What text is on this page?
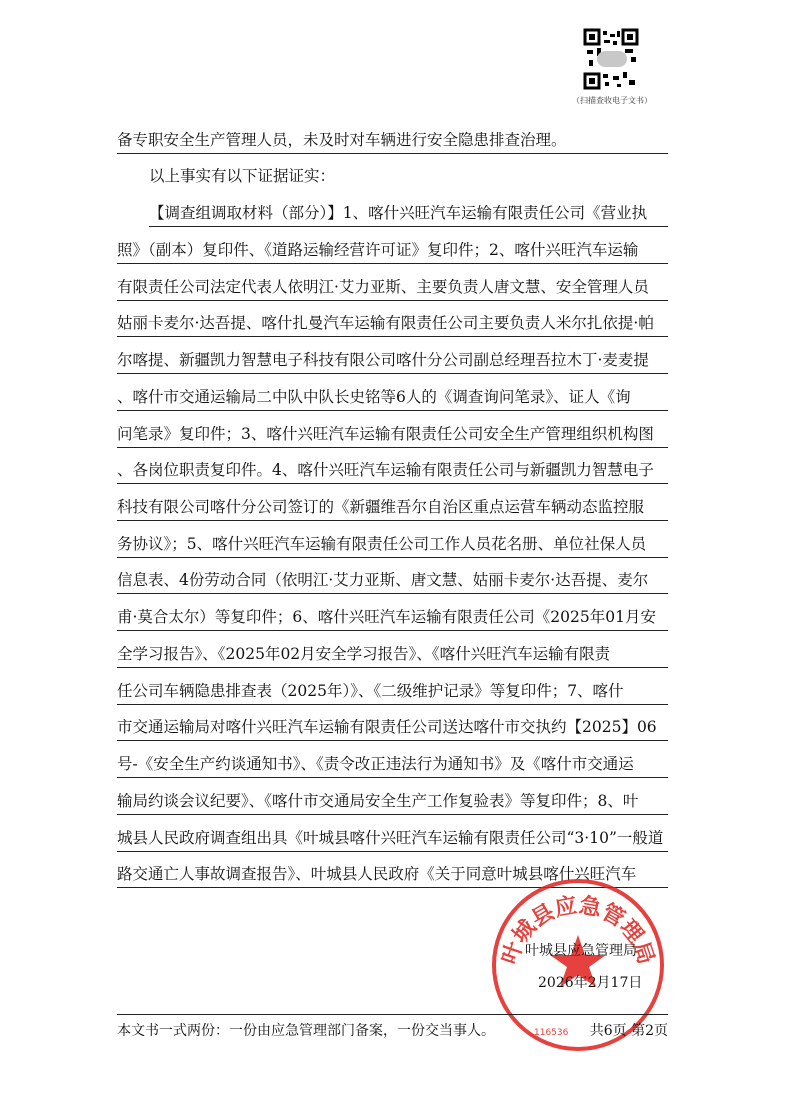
（扫描查收电子文书）
备专职安全生产管理人员，未及时对车辆进行安全隐患排查治理。
以上事实有以下证据证实：
【调查组调取材料（部分）】1、喀什兴旺汽车运输有限责任公司《营业执
照》（副本）复印件、《道路运输经营许可证》复印件；2、喀什兴旺汽车运输
有限责任公司法定代表人依明江·艾力亚斯、主要负责人唐文慧、安全管理人员
姑丽卡麦尔·达吾提、喀什扎曼汽车运输有限责任公司主要负责人米尔扎依提·帕
尔喀提、新疆凯力智慧电子科技有限公司喀什分公司副总经理吾拉木丁·麦麦提
、喀什市交通运输局二中队中队长史铭等6人的《调查询问笔录》、证人《询
问笔录》复印件；3、喀什兴旺汽车运输有限责任公司安全生产管理组织机构图
、各岗位职责复印件。4、喀什兴旺汽车运输有限责任公司与新疆凯力智慧电子
科技有限公司喀什分公司签订的《新疆维吾尔自治区重点运营车辆动态监控服
务协议》；5、喀什兴旺汽车运输有限责任公司工作人员花名册、单位社保人员
信息表、4份劳动合同（依明江·艾力亚斯、唐文慧、姑丽卡麦尔·达吾提、麦尔
甫·莫合太尔）等复印件；6、喀什兴旺汽车运输有限责任公司《2025年01月安
全学习报告》、《2025年02月安全学习报告》、《喀什兴旺汽车运输有限责
任公司车辆隐患排查表（2025年）》、《二级维护记录》等复印件；7、喀什
市交通运输局对喀什兴旺汽车运输有限责任公司送达喀什市交执约【2025】06
号-《安全生产约谈通知书》、《责令改正违法行为通知书》及《喀什市交通运
输局约谈会议纪要》、《喀什市交通局安全生产工作复验表》等复印件；8、叶
城县人民政府调查组出具《叶城县喀什兴旺汽车运输有限责任公司“3·10”一般道
路交通亡人事故调查报告》、叶城县人民政府《关于同意叶城县喀什兴旺汽车
叶城县应急管理局
116536
叶城县应急管理局
2026年2月17日
本文书一式两份：一份由应急管理部门备案，一份交当事人。	共6页 第2页
